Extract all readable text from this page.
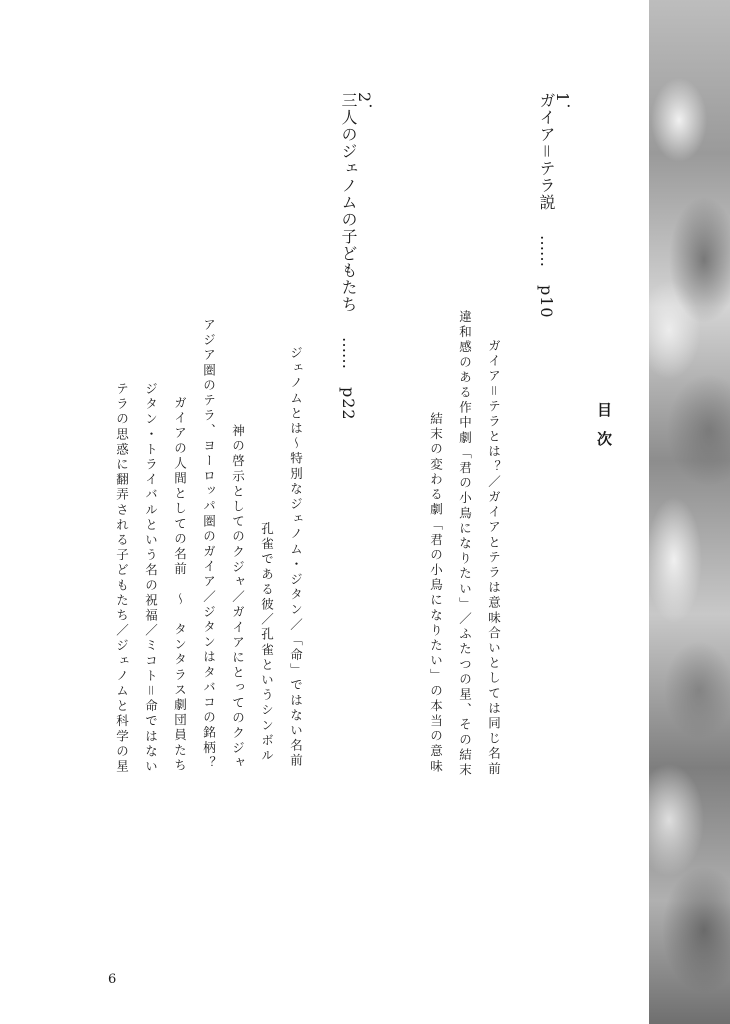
目次
1．
ガイア＝テラ説……p10
ガイア＝テラとは？／ガイアとテラは意味合いとしては同じ名前
違和感のある作中劇「君の小鳥になりたい」／ふたつの星、その結末
結末の変わる劇「君の小鳥になりたい」の本当の意味
2．
三人のジェノムの子どもたち……p22
ジェノムとは〜特別なジェノム・ジタン／「命」ではない名前
孔雀である彼／孔雀というシンボル
神の啓示としてのクジャ／ガイアにとってのクジャ
アジア圏のテラ、ヨーロッパ圏のガイア／ジタンはタバコの銘柄？
ガイアの人間としての名前　〜　タンタラス劇団員たち
ジタン・トライバルという名の祝福／ミコト＝命ではない
テラの思惑に翻弄される子どもたち／ジェノムと科学の星
6
